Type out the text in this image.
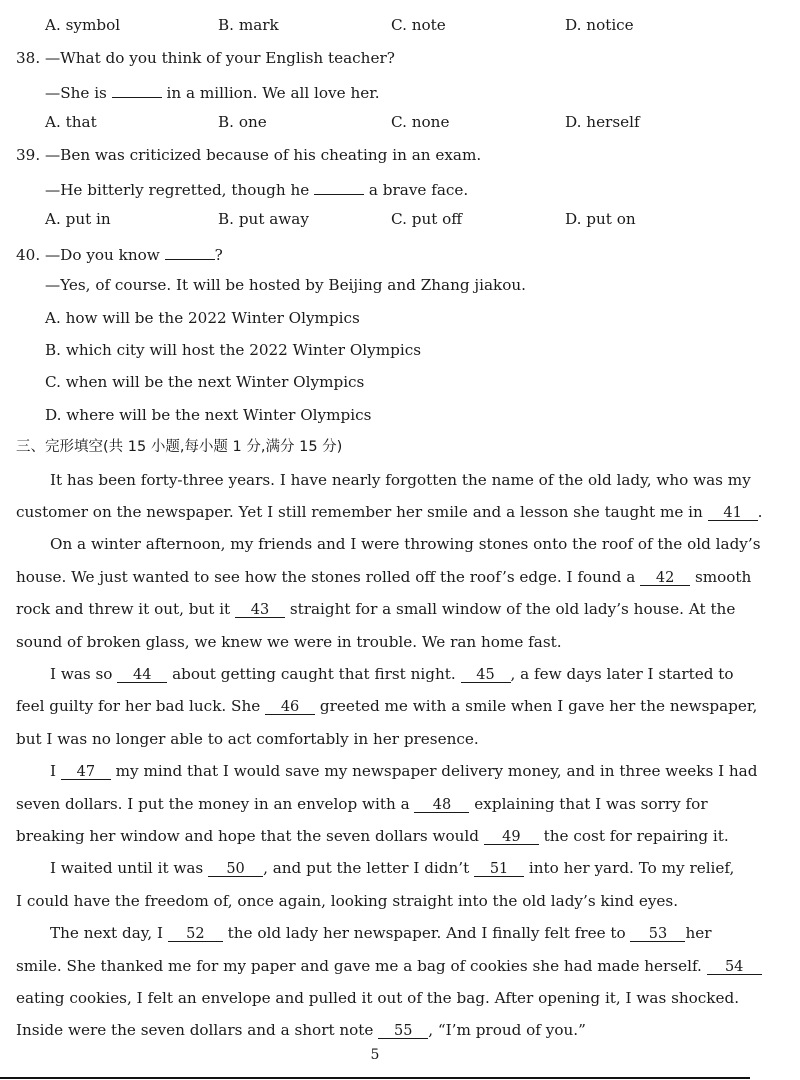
A. symbol	B. mark	C. note	D. notice
38. —What do you think of your English teacher?
—She is	in a million. We all love her.
A. that	B. one	C. none	D. herself
39. —Ben was criticized because of his cheating in an exam.
—He bitterly regretted, though he	a brave face.
A. put in	B. put away	C. put off	D. put on
40. —Do you know	?
—Yes, of course. It will be hosted by Beijing and Zhang jiakou.
A. how will be the 2022 Winter Olympics
B. which city will host the 2022 Winter Olympics
C. when will be the next Winter Olympics
D. where will be the next Winter Olympics
三、完形填空(共 15 小题,每小题 1 分,满分 15 分)
It has been forty-three years. I have nearly forgotten the name of the old lady, who was my
customer on the newspaper. Yet I still remember her smile and a lesson she taught me in 41 .
On a winter afternoon, my friends and I were throwing stones onto the roof of the old lady’s
house. We just wanted to see how the stones rolled off the roof’s edge. I found a 42 smooth
rock and threw it out, but it 43 straight for a small window of the old lady’s house. At the
sound of broken glass, we knew we were in trouble. We ran home fast.
I was so 44 about getting caught that first night. 45 , a few days later I started to
feel guilty for her bad luck. She 46 greeted me with a smile when I gave her the newspaper,
but I was no longer able to act comfortably in her presence.
I 47 my mind that I would save my newspaper delivery money, and in three weeks I had
seven dollars. I put the money in an envelop with a 48 explaining that I was sorry for
breaking her window and hope that the seven dollars would 49 the cost for repairing it.
I waited until it was 50 , and put the letter I didn’t 51 into her yard. To my relief,
I could have the freedom of, once again, looking straight into the old lady’s kind eyes.
The next day, I 52 the old lady her newspaper. And I finally felt free to 53 her
smile. She thanked me for my paper and gave me a bag of cookies she had made herself. 54
eating cookies, I felt an envelope and pulled it out of the bag. After opening it, I was shocked.
Inside were the seven dollars and a short note 55 , “I’m proud of you.”
5
